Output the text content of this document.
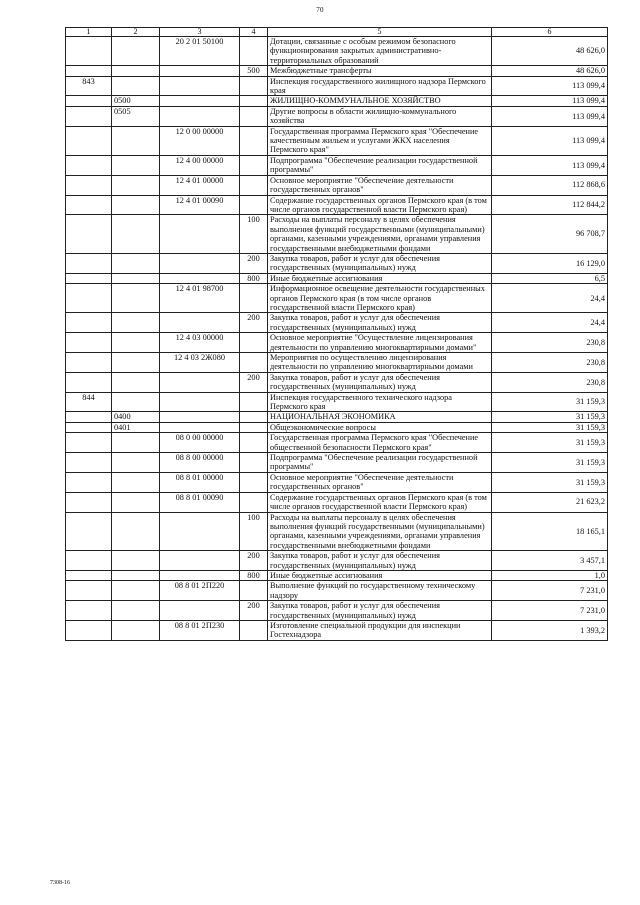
70
1	2	3	4	5	6
		20 2 01 50100		Дотации, связанные с особым режимом безопасного функционирования закрытых административно-территориальных образований	48 626,0
			500	Межбюджетные трансферты	48 626,0
843				Инспекция государственного жилищного надзора Пермского края	113 099,4
	0500			ЖИЛИЩНО-КОММУНАЛЬНОЕ ХОЗЯЙСТВО	113 099,4
	0505			Другие вопросы в области жилищно-коммунального хозяйства	113 099,4
		12 0 00 00000		Государственная программа Пермского края "Обеспечение качественным жильем и услугами ЖКХ населения Пермского края"	113 099,4
		12 4 00 00000		Подпрограмма "Обеспечение реализации государственной программы"	113 099,4
		12 4 01 00000		Основное мероприятие "Обеспечение деятельности государственных органов"	112 868,6
		12 4 01 00090		Содержание государственных органов Пермского края (в том числе органов государственной власти Пермского края)	112 844,2
			100	Расходы на выплаты персоналу в целях обеспечения выполнения функций государственными (муниципальными) органами, казенными учреждениями, органами управления государственными внебюджетными фондами	96 708,7
			200	Закупка товаров, работ и услуг для обеспечения государственных (муниципальных) нужд	16 129,0
			800	Иные бюджетные ассигнования	6,5
		12 4 01 98700		Информационное освещение деятельности государственных органов Пермского края (в том числе органов государственной власти Пермского края)	24,4
			200	Закупка товаров, работ и услуг для обеспечения государственных (муниципальных) нужд	24,4
		12 4 03 00000		Основное мероприятие "Осуществление лицензирования деятельности по управлению многоквартирными домами"	230,8
		12 4 03 2Ж080		Мероприятия по осуществлению лицензирования деятельности по управлению многоквартирными домами	230,8
			200	Закупка товаров, работ и услуг для обеспечения государственных (муниципальных) нужд	230,8
844				Инспекция государственного технического надзора Пермского края	31 159,3
	0400			НАЦИОНАЛЬНАЯ ЭКОНОМИКА	31 159,3
	0401			Общеэкономические вопросы	31 159,3
		08 0 00 00000		Государственная программа Пермского края "Обеспечение общественной безопасности Пермского края"	31 159,3
		08 8 00 00000		Подпрограмма "Обеспечение реализации государственной программы"	31 159,3
		08 8 01 00000		Основное мероприятие "Обеспечение деятельности государственных органов"	31 159,3
		08 8 01 00090		Содержание государственных органов Пермского края (в том числе органов государственной власти Пермского края)	21 623,2
			100	Расходы на выплаты персоналу в целях обеспечения выполнения функций государственными (муниципальными) органами, казенными учреждениями, органами управления государственными внебюджетными фондами	18 165,1
			200	Закупка товаров, работ и услуг для обеспечения государственных (муниципальных) нужд	3 457,1
			800	Иные бюджетные ассигнования	1,0
		08 8 01 2П220		Выполнение функций по государственному техническому надзору	7 231,0
			200	Закупка товаров, работ и услуг для обеспечения государственных (муниципальных) нужд	7 231,0
		08 8 01 2П230		Изготовление специальной продукции для инспекции Гостехнадзора	1 393,2
7308-16
